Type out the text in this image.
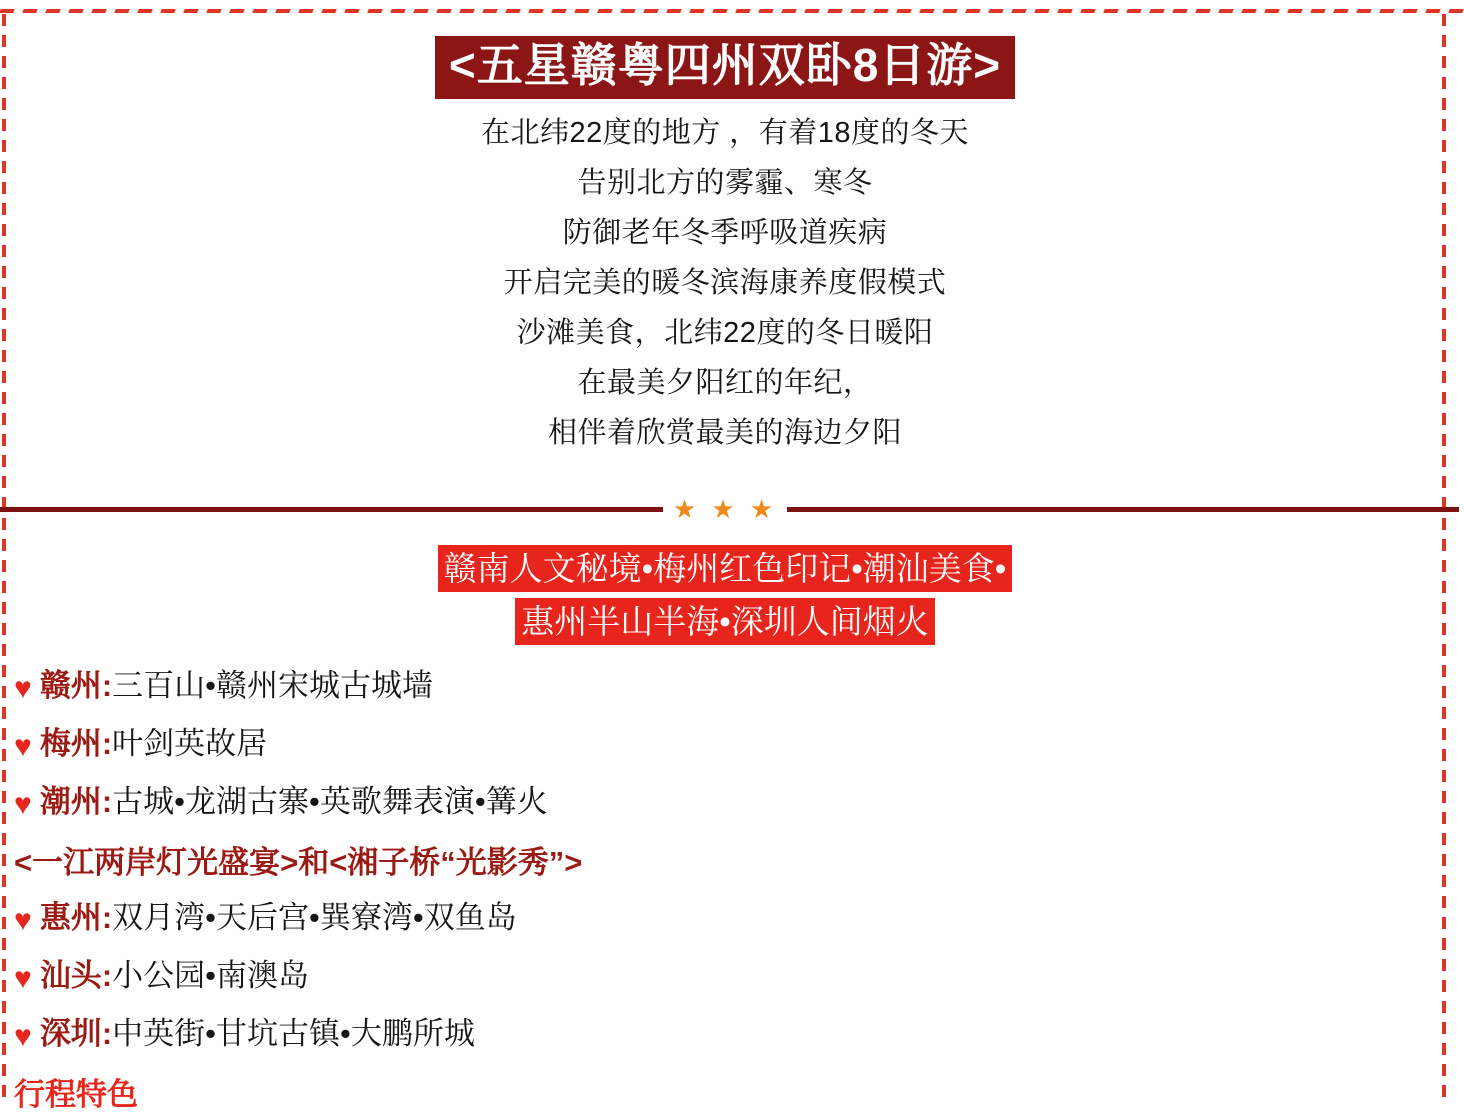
<五星赣粤四州双卧8日游>
在北纬22度的地方 ，有着18度的冬天
告别北方的雾霾、寒冬
防御老年冬季呼吸道疾病
开启完美的暖冬滨海康养度假模式
沙滩美食，北纬22度的冬日暖阳
在最美夕阳红的年纪，
相伴着欣赏最美的海边夕阳
★ ★ ★
赣南人文秘境•梅州红色印记•潮汕美食•
惠州半山半海•深圳人间烟火
♥ 赣州 : 三百山•赣州宋城古城墙
♥ 梅州 : 叶剑英故居
♥ 潮州 : 古城•龙湖古寨•英歌舞表演•篝火
<一江两岸灯光盛宴>和<湘子桥“光影秀”>
♥ 惠州 : 双月湾•天后宫•巽寮湾•双鱼岛
♥ 汕头 : 小公园•南澳岛
♥ 深圳 : 中英街•甘坑古镇•大鹏所城
行程特色
